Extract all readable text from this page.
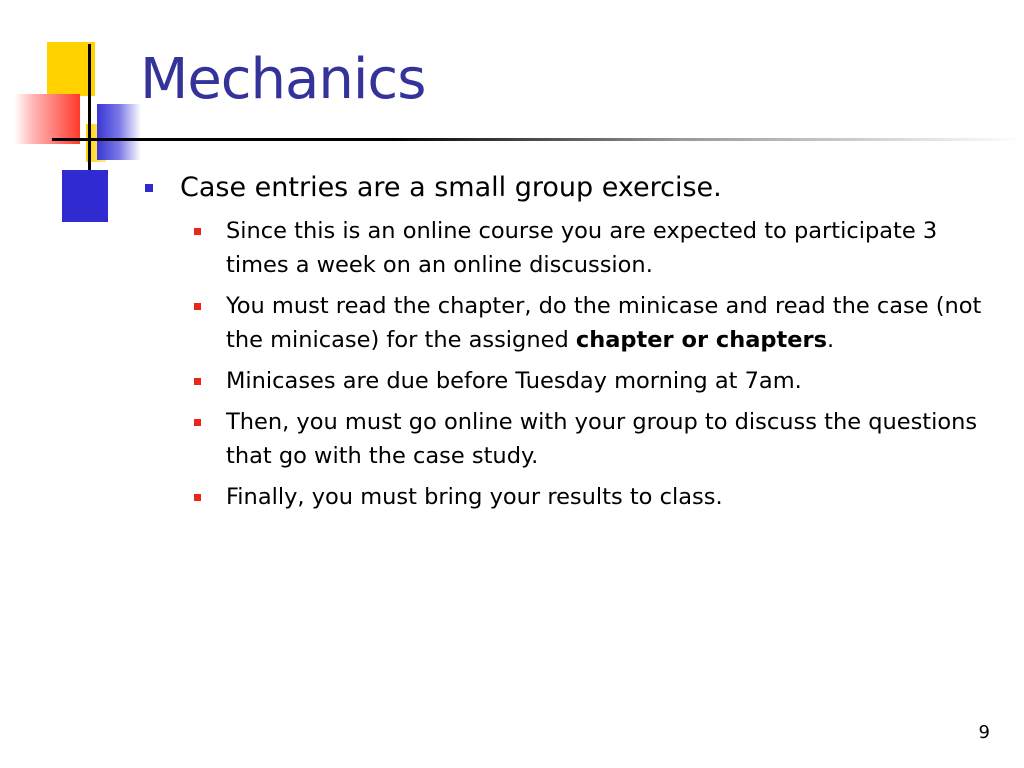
Mechanics
Case entries are a small group exercise.
Since this is an online course you are expected to participate 3 times a week on an online discussion.
You must read the chapter, do the minicase and read the case (not the minicase) for the assigned chapter or chapters.
Minicases are due before Tuesday morning at 7am.
Then, you must go online with your group to discuss the questions that go with the case study.
Finally, you must bring your results to class.
9
